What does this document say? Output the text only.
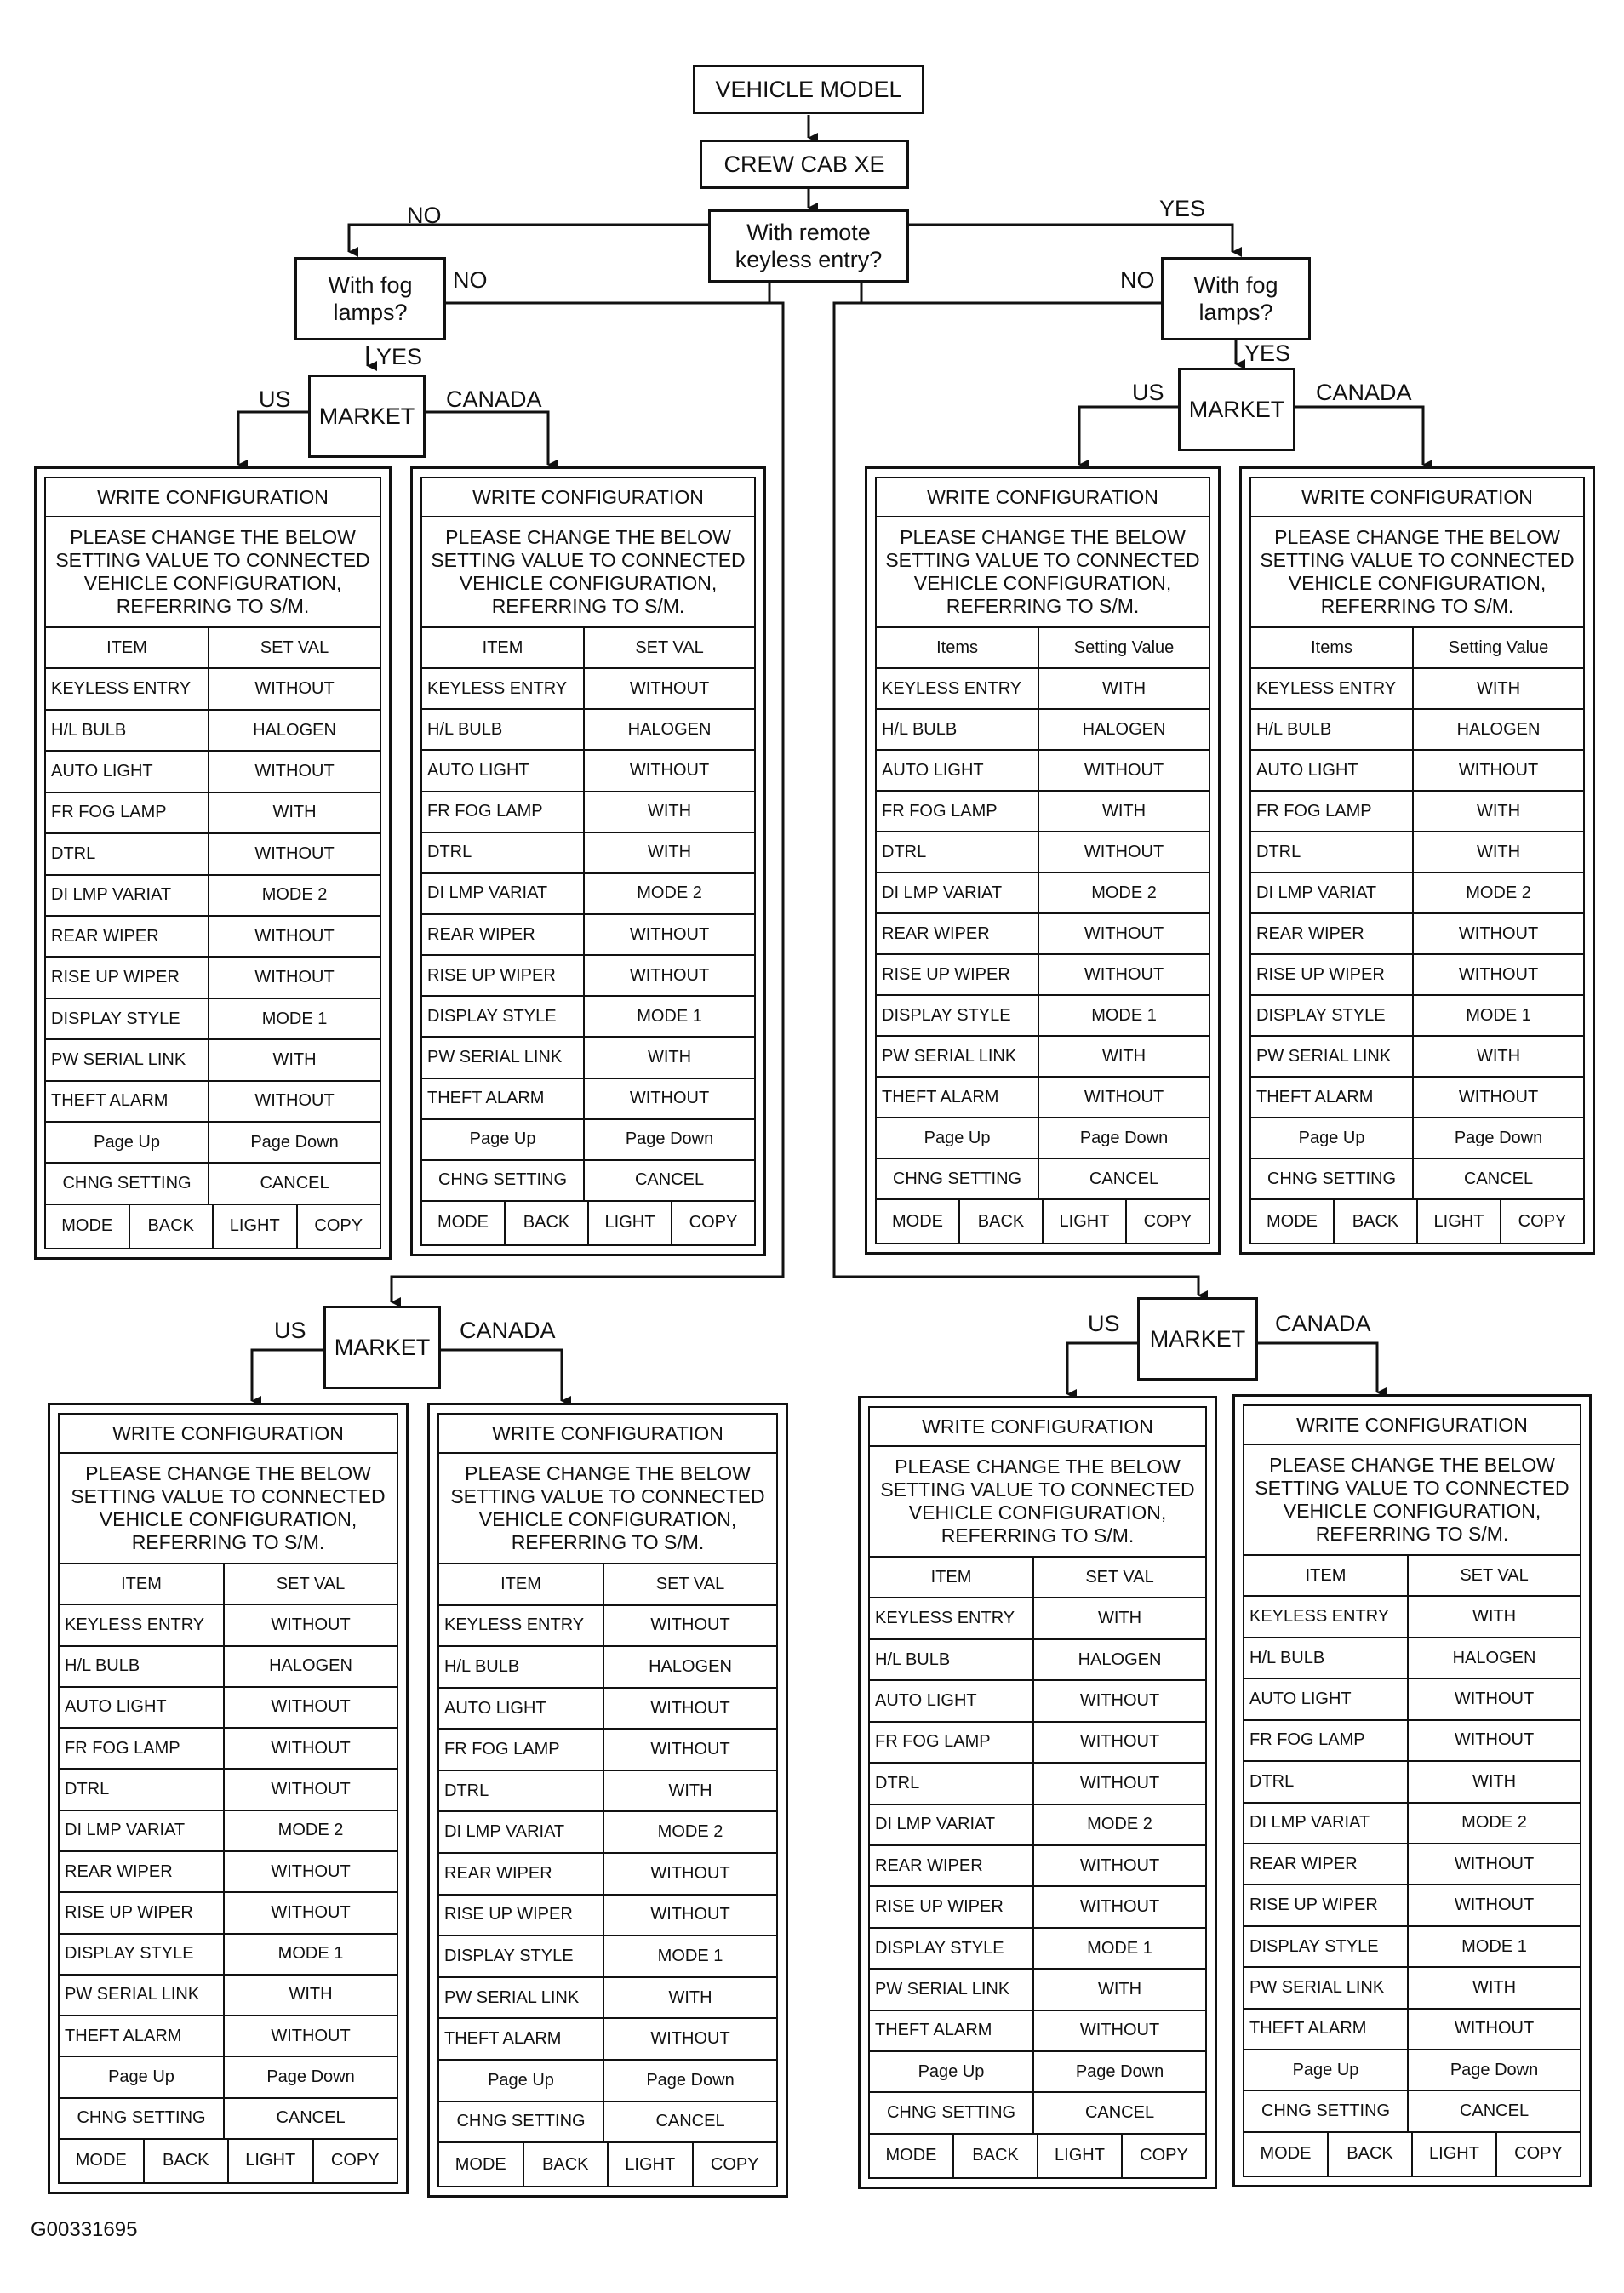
VEHICLE MODEL
CREW CAB XE
With remote
keyless entry?
NO	YES
With fog
lamps?
NO
YES
MARKET
US	CANADA
With fog
lamps?
NO
YES
MARKET
US	CANADA
MARKET
US	CANADA	MARKET
US	CANADA
WRITE CONFIGURATION
PLEASE CHANGE THE BELOW
SETTING VALUE TO CONNECTED
VEHICLE CONFIGURATION,
REFERRING TO S/M.
ITEM	SET VAL
KEYLESS ENTRY	WITHOUT
H/L BULB	HALOGEN
AUTO LIGHT	WITHOUT
FR FOG LAMP	WITH
DTRL	WITHOUT
DI LMP VARIAT	MODE 2
REAR WIPER	WITHOUT
RISE UP WIPER	WITHOUT
DISPLAY STYLE	MODE 1
PW SERIAL LINK	WITH
THEFT ALARM	WITHOUT
Page Up	Page Down
CHNG SETTING	CANCEL
MODE	BACK	LIGHT	COPY
WRITE CONFIGURATION
PLEASE CHANGE THE BELOW
SETTING VALUE TO CONNECTED
VEHICLE CONFIGURATION,
REFERRING TO S/M.
ITEM	SET VAL
KEYLESS ENTRY	WITHOUT
H/L BULB	HALOGEN
AUTO LIGHT	WITHOUT
FR FOG LAMP	WITH
DTRL	WITH
DI LMP VARIAT	MODE 2
REAR WIPER	WITHOUT
RISE UP WIPER	WITHOUT
DISPLAY STYLE	MODE 1
PW SERIAL LINK	WITH
THEFT ALARM	WITHOUT
Page Up	Page Down
CHNG SETTING	CANCEL
MODE	BACK	LIGHT	COPY
WRITE CONFIGURATION
PLEASE CHANGE THE BELOW
SETTING VALUE TO CONNECTED
VEHICLE CONFIGURATION,
REFERRING TO S/M.
Items	Setting Value
KEYLESS ENTRY	WITH
H/L BULB	HALOGEN
AUTO LIGHT	WITHOUT
FR FOG LAMP	WITH
DTRL	WITHOUT
DI LMP VARIAT	MODE 2
REAR WIPER	WITHOUT
RISE UP WIPER	WITHOUT
DISPLAY STYLE	MODE 1
PW SERIAL LINK	WITH
THEFT ALARM	WITHOUT
Page Up	Page Down
CHNG SETTING	CANCEL
MODE	BACK	LIGHT	COPY
WRITE CONFIGURATION
PLEASE CHANGE THE BELOW
SETTING VALUE TO CONNECTED
VEHICLE CONFIGURATION,
REFERRING TO S/M.
Items	Setting Value
KEYLESS ENTRY	WITH
H/L BULB	HALOGEN
AUTO LIGHT	WITHOUT
FR FOG LAMP	WITH
DTRL	WITH
DI LMP VARIAT	MODE 2
REAR WIPER	WITHOUT
RISE UP WIPER	WITHOUT
DISPLAY STYLE	MODE 1
PW SERIAL LINK	WITH
THEFT ALARM	WITHOUT
Page Up	Page Down
CHNG SETTING	CANCEL
MODE	BACK	LIGHT	COPY
WRITE CONFIGURATION
PLEASE CHANGE THE BELOW
SETTING VALUE TO CONNECTED
VEHICLE CONFIGURATION,
REFERRING TO S/M.
ITEM	SET VAL
KEYLESS ENTRY	WITHOUT
H/L BULB	HALOGEN
AUTO LIGHT	WITHOUT
FR FOG LAMP	WITHOUT
DTRL	WITHOUT
DI LMP VARIAT	MODE 2
REAR WIPER	WITHOUT
RISE UP WIPER	WITHOUT
DISPLAY STYLE	MODE 1
PW SERIAL LINK	WITH
THEFT ALARM	WITHOUT
Page Up	Page Down
CHNG SETTING	CANCEL
MODE	BACK	LIGHT	COPY
WRITE CONFIGURATION
PLEASE CHANGE THE BELOW
SETTING VALUE TO CONNECTED
VEHICLE CONFIGURATION,
REFERRING TO S/M.
ITEM	SET VAL
KEYLESS ENTRY	WITHOUT
H/L BULB	HALOGEN
AUTO LIGHT	WITHOUT
FR FOG LAMP	WITHOUT
DTRL	WITH
DI LMP VARIAT	MODE 2
REAR WIPER	WITHOUT
RISE UP WIPER	WITHOUT
DISPLAY STYLE	MODE 1
PW SERIAL LINK	WITH
THEFT ALARM	WITHOUT
Page Up	Page Down
CHNG SETTING	CANCEL
MODE	BACK	LIGHT	COPY
WRITE CONFIGURATION
PLEASE CHANGE THE BELOW
SETTING VALUE TO CONNECTED
VEHICLE CONFIGURATION,
REFERRING TO S/M.
ITEM	SET VAL
KEYLESS ENTRY	WITH
H/L BULB	HALOGEN
AUTO LIGHT	WITHOUT
FR FOG LAMP	WITHOUT
DTRL	WITHOUT
DI LMP VARIAT	MODE 2
REAR WIPER	WITHOUT
RISE UP WIPER	WITHOUT
DISPLAY STYLE	MODE 1
PW SERIAL LINK	WITH
THEFT ALARM	WITHOUT
Page Up	Page Down
CHNG SETTING	CANCEL
MODE	BACK	LIGHT	COPY
WRITE CONFIGURATION
PLEASE CHANGE THE BELOW
SETTING VALUE TO CONNECTED
VEHICLE CONFIGURATION,
REFERRING TO S/M.
ITEM	SET VAL
KEYLESS ENTRY	WITH
H/L BULB	HALOGEN
AUTO LIGHT	WITHOUT
FR FOG LAMP	WITHOUT
DTRL	WITH
DI LMP VARIAT	MODE 2
REAR WIPER	WITHOUT
RISE UP WIPER	WITHOUT
DISPLAY STYLE	MODE 1
PW SERIAL LINK	WITH
THEFT ALARM	WITHOUT
Page Up	Page Down
CHNG SETTING	CANCEL
MODE	BACK	LIGHT	COPY
G00331695
